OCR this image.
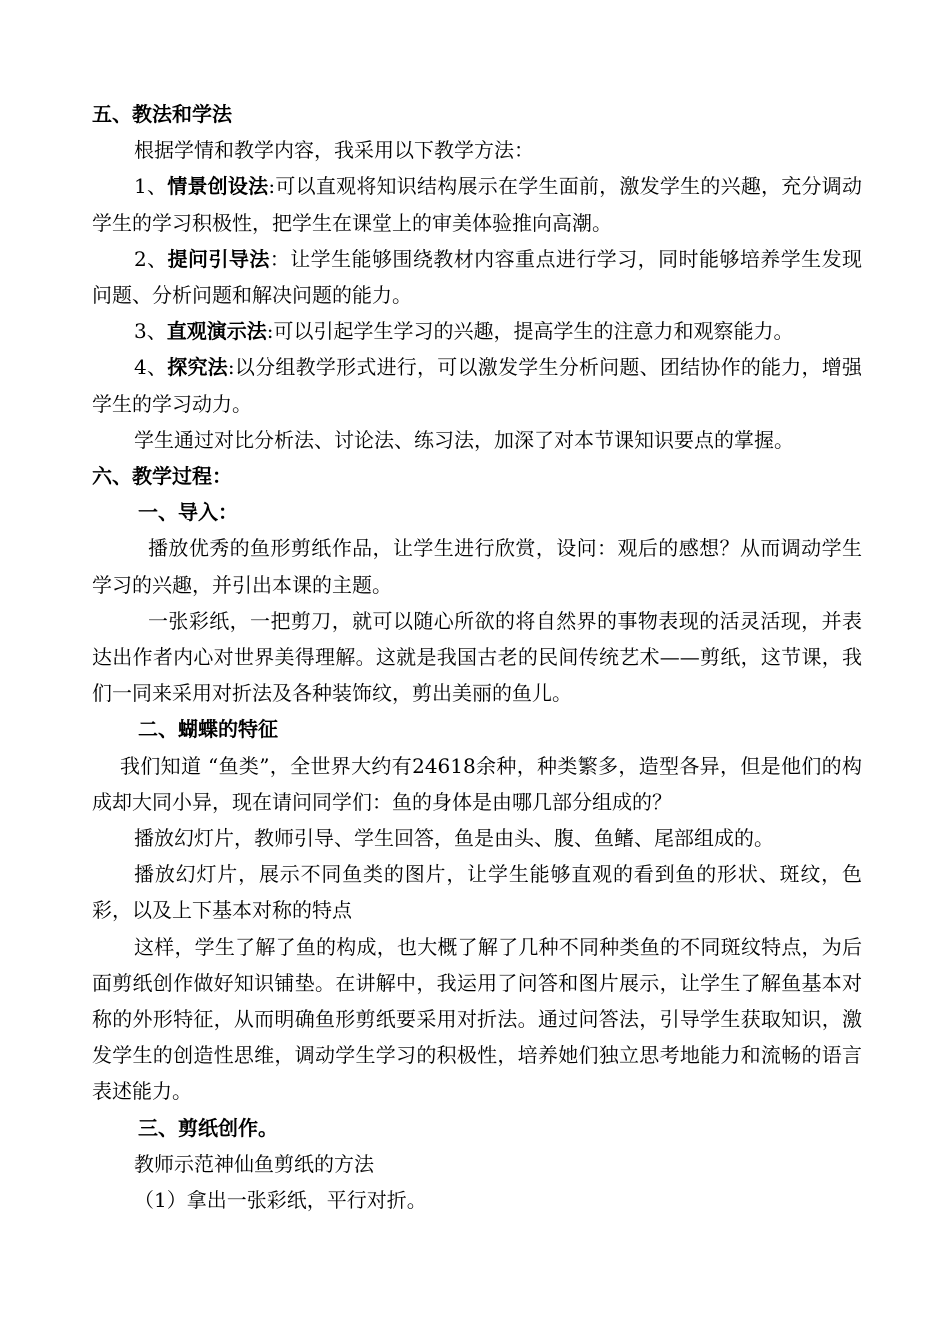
五、教法和学法

根据学情和教学内容，我采用以下教学方法：

1、情景创设法:可以直观将知识结构展示在学生面前，激发学生的兴趣，充分调动学生的学习积极性，把学生在课堂上的审美体验推向高潮。

2、提问引导法：让学生能够围绕教材内容重点进行学习，同时能够培养学生发现问题、分析问题和解决问题的能力。

3、直观演示法:可以引起学生学习的兴趣，提高学生的注意力和观察能力。

4、探究法:以分组教学形式进行，可以激发学生分析问题、团结协作的能力，增强学生的学习动力。

学生通过对比分析法、讨论法、练习法，加深了对本节课知识要点的掌握。

六、教学过程：

一、导入：

播放优秀的鱼形剪纸作品，让学生进行欣赏，设问：观后的感想？从而调动学生学习的兴趣，并引出本课的主题。

一张彩纸，一把剪刀，就可以随心所欲的将自然界的事物表现的活灵活现，并表达出作者内心对世界美得理解。这就是我国古老的民间传统艺术——剪纸，这节课，我们一同来采用对折法及各种装饰纹，剪出美丽的鱼儿。

二、蝴蝶的特征

我们知道 “鱼类”，全世界大约有24618余种，种类繁多，造型各异，但是他们的构成却大同小异，现在请问同学们：鱼的身体是由哪几部分组成的？

播放幻灯片，教师引导、学生回答，鱼是由头、腹、鱼鳍、尾部组成的。

播放幻灯片，展示不同鱼类的图片，让学生能够直观的看到鱼的形状、斑纹，色彩，以及上下基本对称的特点

这样，学生了解了鱼的构成，也大概了解了几种不同种类鱼的不同斑纹特点，为后面剪纸创作做好知识铺垫。在讲解中，我运用了问答和图片展示，让学生了解鱼基本对称的外形特征，从而明确鱼形剪纸要采用对折法。通过问答法，引导学生获取知识，激发学生的创造性思维，调动学生学习的积极性，培养她们独立思考地能力和流畅的语言表述能力。

三、剪纸创作。

教师示范神仙鱼剪纸的方法

（1）拿出一张彩纸，平行对折。
